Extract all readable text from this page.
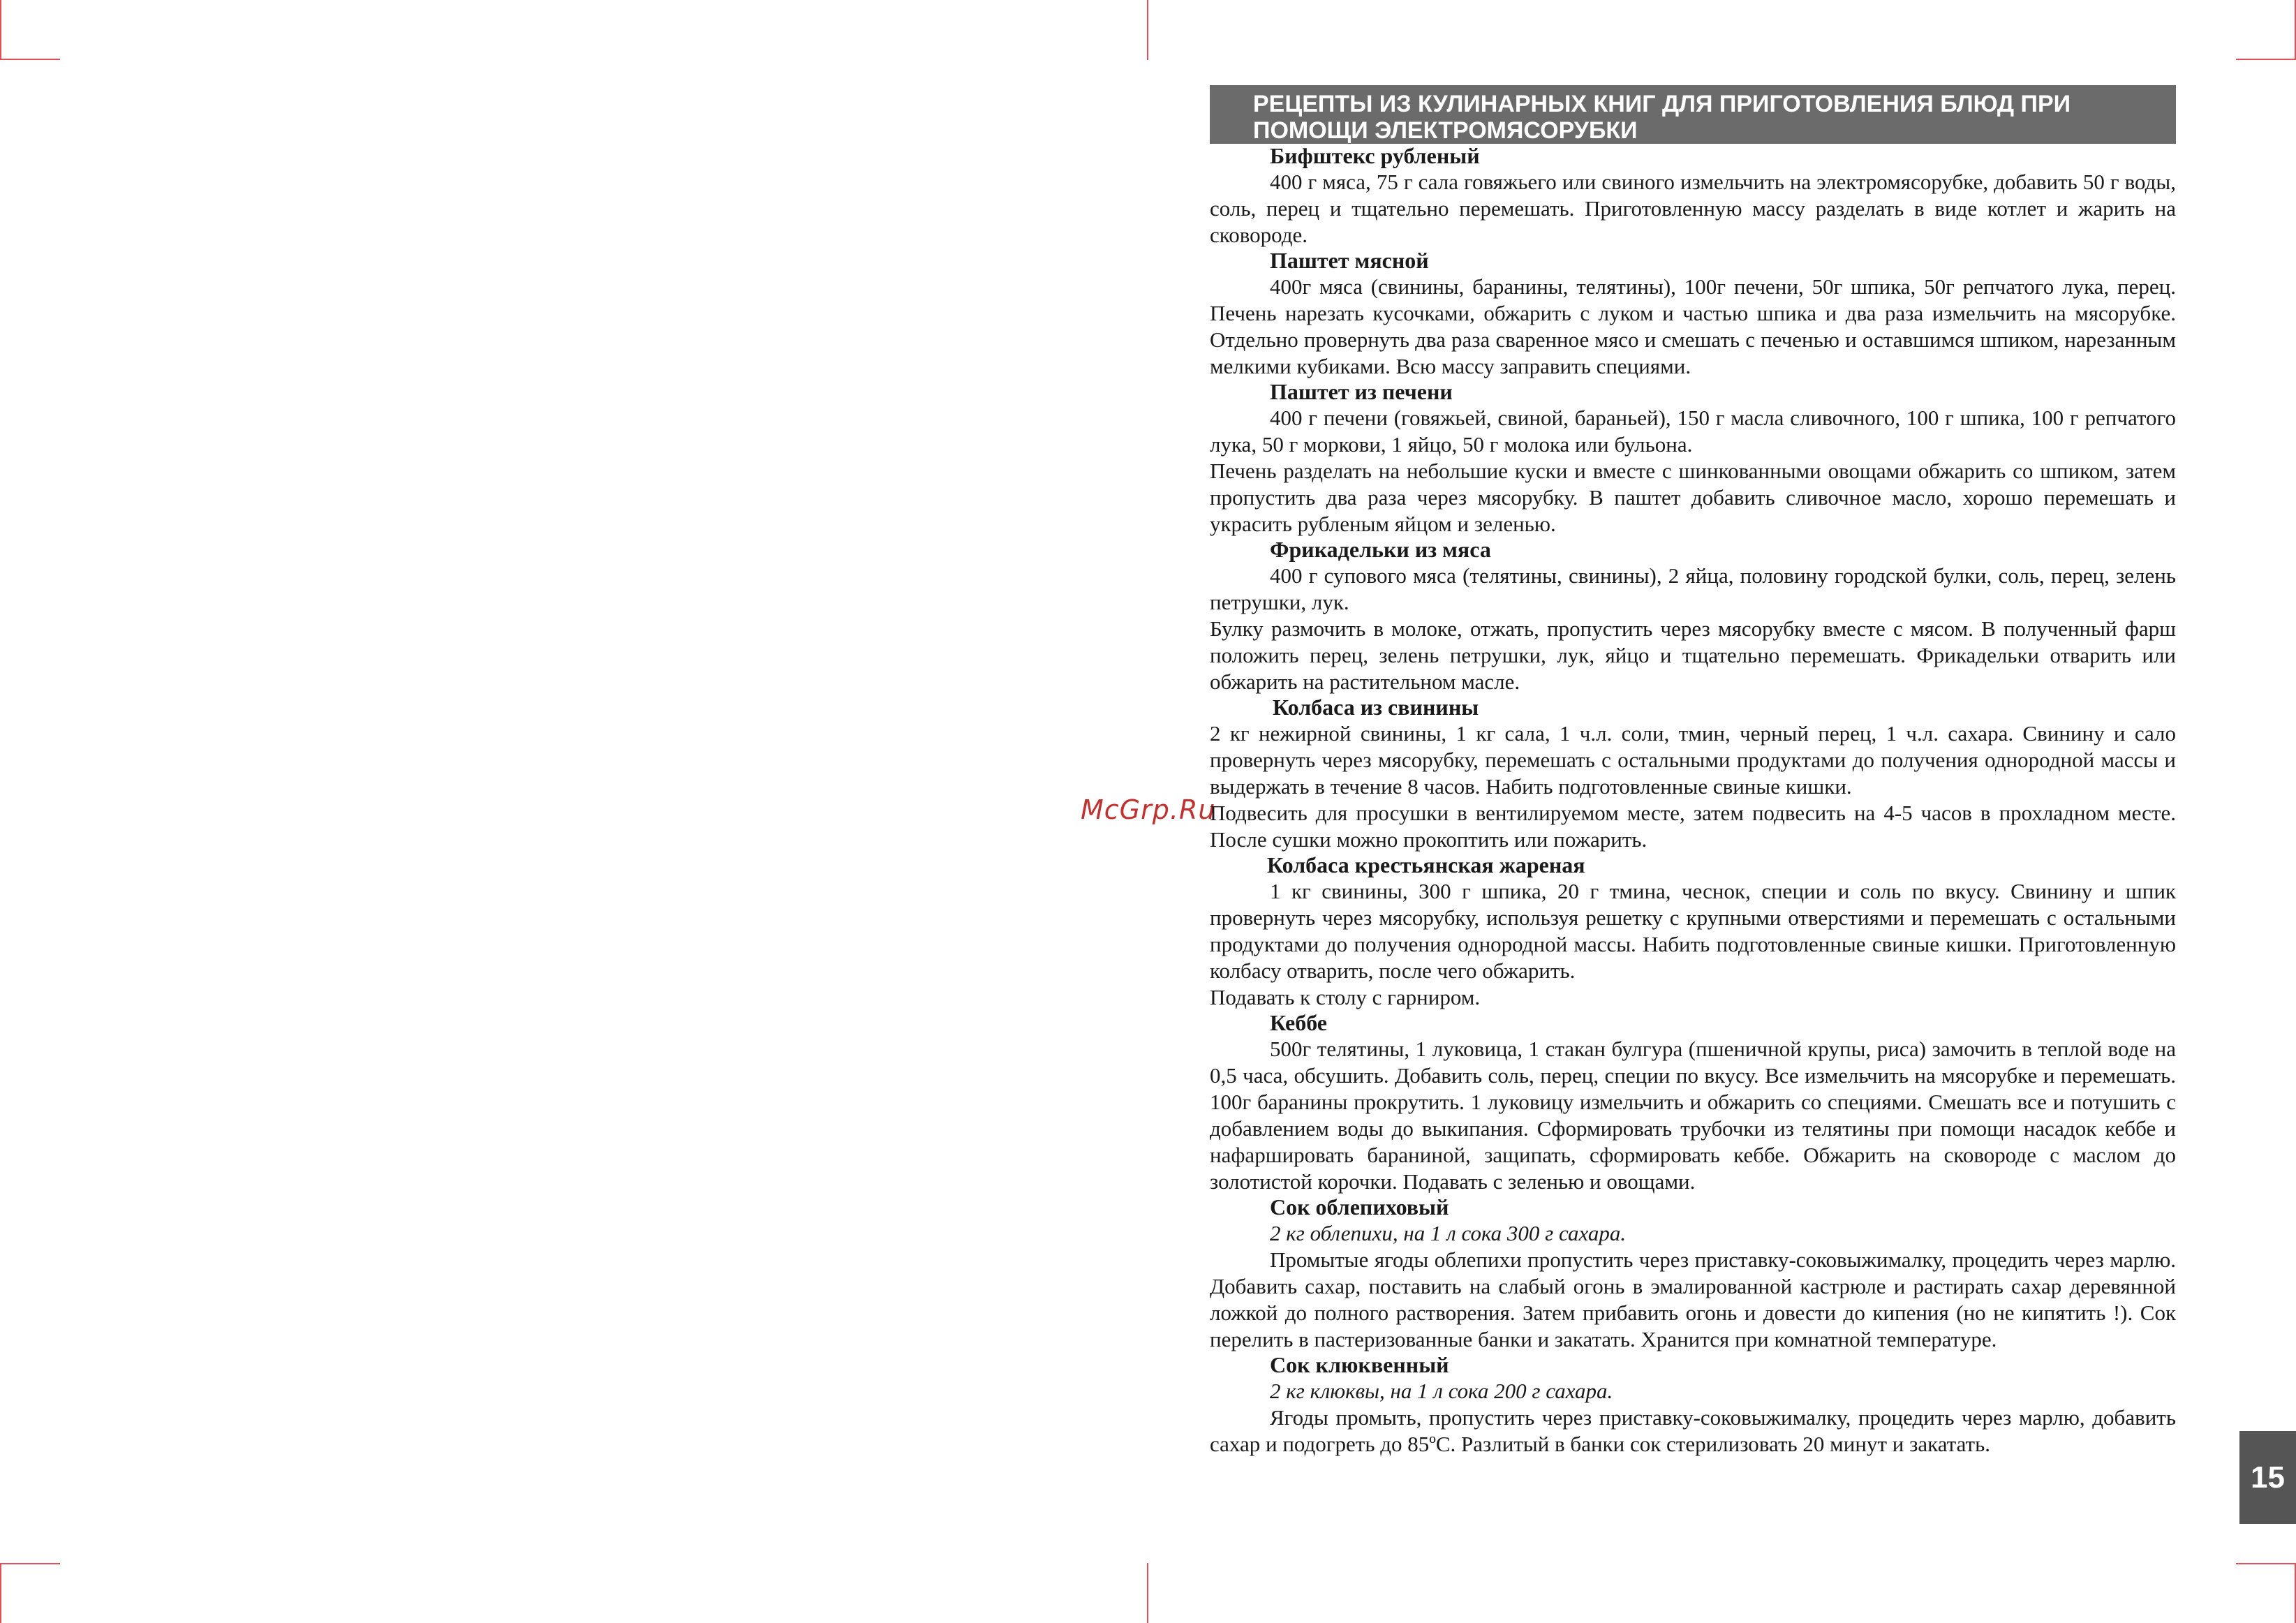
McGrp.Ru
РЕЦЕПТЫ ИЗ КУЛИНАРНЫХ КНИГ ДЛЯ ПРИГОТОВЛЕНИЯ БЛЮД ПРИ ПОМОЩИ ЭЛЕКТРОМЯСОРУБКИ
Бифштекс рубленый

400 г мяса, 75 г сала говяжьего или свиного измельчить на электромясорубке, добавить 50 г воды, соль, перец и тщательно перемешать. Приготовленную массу разделать в виде котлет и жарить на сковороде.

Паштет мясной

400г мяса (свинины, баранины, телятины), 100г печени, 50г шпика, 50г репчатого лука, перец. Печень нарезать кусочками, обжарить с луком и частью шпика и два раза измельчить на мясорубке. Отдельно провернуть два раза сваренное мясо и смешать с печенью и оставшимся шпиком, нарезанным мелкими кубиками. Всю массу заправить специями.

Паштет из печени

400 г печени (говяжьей, свиной, бараньей), 150 г масла сливочного, 100 г шпика, 100 г репчатого лука, 50 г моркови, 1 яйцо, 50 г молока или бульона.

Печень разделать на небольшие куски и вместе с шинкованными овощами обжарить со шпиком, затем пропустить два раза через мясорубку. В паштет добавить сливочное масло, хорошо перемешать и украсить рубленым яйцом и зеленью.

Фрикадельки из мяса

400 г супового мяса (телятины, свинины), 2 яйца, половину городской булки, соль, перец, зелень петрушки, лук.

Булку размочить в молоке, отжать, пропустить через мясорубку вместе с мясом. В полученный фарш положить перец, зелень петрушки, лук, яйцо и тщательно перемешать. Фрикадельки отварить или обжарить на растительном масле.

Колбаса из свинины

2 кг нежирной свинины, 1 кг сала, 1 ч.л. соли, тмин, черный перец, 1 ч.л. сахара. Свинину и сало провернуть через мясорубку, перемешать с остальными продуктами до получения однородной массы и выдержать в течение 8 часов. Набить подготовленные свиные кишки.

Подвесить для просушки в вентилируемом месте, затем подвесить на 4-5 часов в прохладном месте. После сушки можно прокоптить или пожарить.

Колбаса крестьянская жареная

1 кг свинины, 300 г шпика, 20 г тмина, чеснок, специи и соль по вкусу. Свинину и шпик провернуть через мясорубку, используя решетку с крупными отверстиями и перемешать с остальными продуктами до получения однородной массы. Набить подготовленные свиные кишки. Приготовленную колбасу отварить, после чего обжарить.

Подавать к столу с гарниром.

Кеббе

500г телятины, 1 луковица, 1 стакан булгура (пшеничной крупы, риса) замочить в теплой воде на 0,5 часа, обсушить. Добавить соль, перец, специи по вкусу. Все измельчить на мясорубке и перемешать. 100г баранины прокрутить. 1 луковицу измельчить и обжарить со специями. Смешать все и потушить с добавлением воды до выкипания. Сформировать трубочки из телятины при помощи насадок кеббе и нафаршировать бараниной, защипать, сформировать кеббе. Обжарить на сковороде с маслом до золотистой корочки. Подавать с зеленью и овощами.

Сок облепиховый

2 кг облепихи, на 1 л сока 300 г сахара.

Промытые ягоды облепихи пропустить через приставку-соковыжималку, процедить через марлю. Добавить сахар, поставить на слабый огонь в эмалированной кастрюле и растирать сахар деревянной ложкой до полного растворения. Затем прибавить огонь и довести до кипения (но не кипятить !). Сок перелить в пастеризованные банки и закатать. Хранится при комнатной температуре.

Сок клюквенный

2 кг клюквы, на 1 л сока 200 г сахара.

Ягоды промыть, пропустить через приставку-соковыжималку, процедить через марлю, добавить сахар и подогреть до 85ºС. Разлитый в банки сок стерилизовать 20 минут и закатать.

15
